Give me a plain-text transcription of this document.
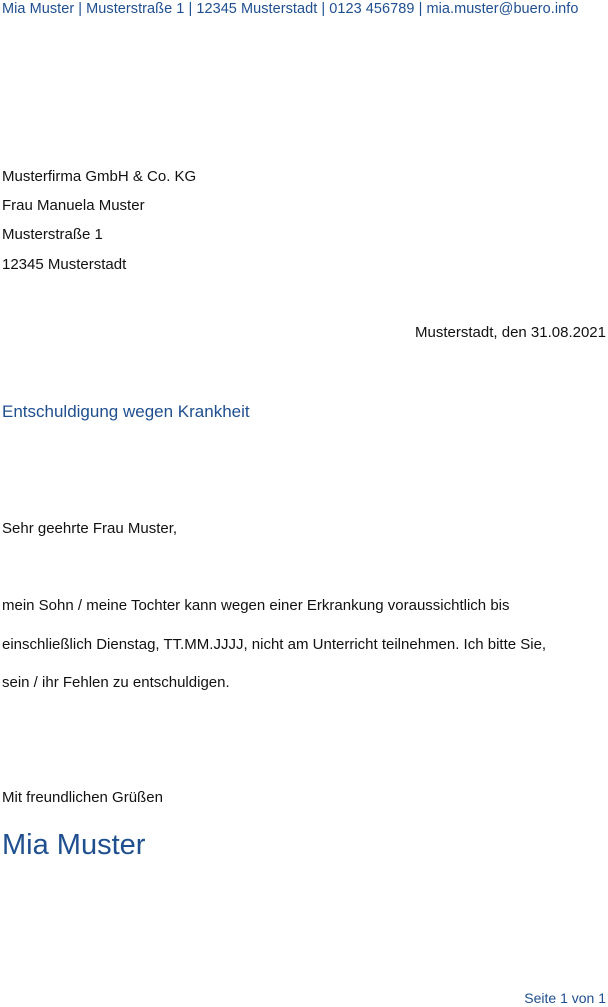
Mia Muster | Musterstraße 1 | 12345 Musterstadt | 0123 456789 | mia.muster@buero.info
Musterfirma GmbH & Co. KG
Frau Manuela Muster
Musterstraße 1
12345 Musterstadt
Musterstadt, den 31.08.2021
Entschuldigung wegen Krankheit
Sehr geehrte Frau Muster,
mein Sohn / meine Tochter kann wegen einer Erkrankung voraussichtlich bis
einschließlich Dienstag, TT.MM.JJJJ, nicht am Unterricht teilnehmen. Ich bitte Sie,
sein / ihr Fehlen zu entschuldigen.
Mit freundlichen Grüßen
Mia Muster
Seite 1 von 1
